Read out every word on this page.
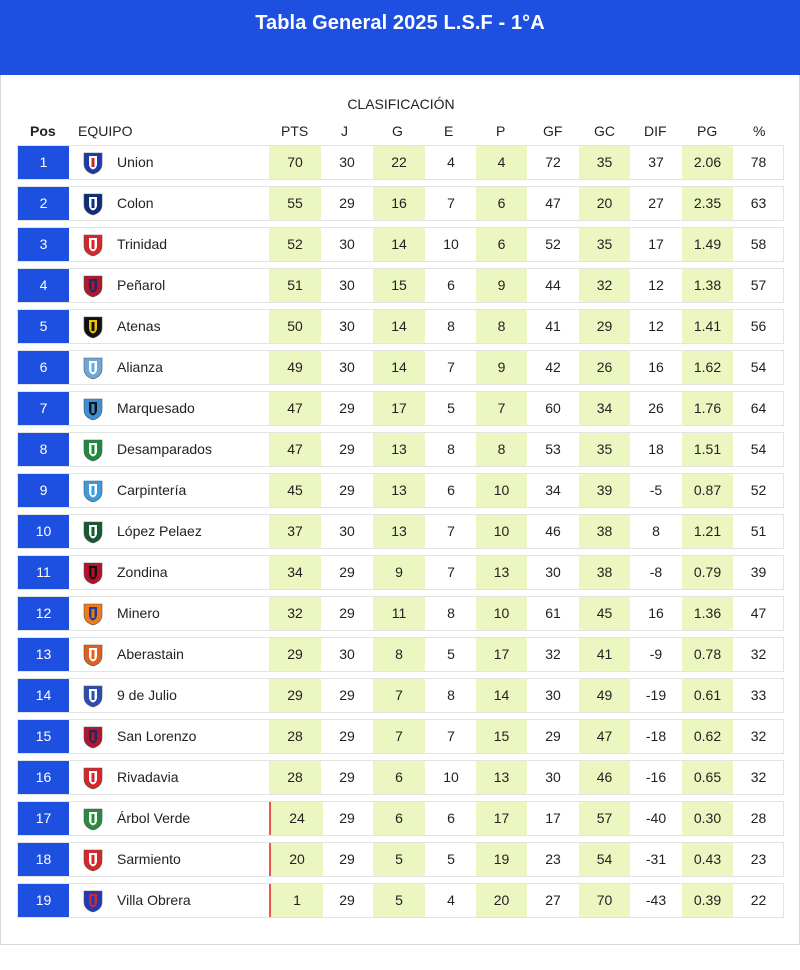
Tabla General 2025 L.S.F - 1°A
CLASIFICACIÓN
Pos EQUIPO	PTS J	G	E	P	GF GC DIF PG	%
1	Union	70	30	22	4	4	72	35	37	2.06	78
2	Colon	55	29	16	7	6	47	20	27	2.35	63
3	Trinidad	52	30	14	10	6	52	35	17	1.49	58
4	Peñarol	51	30	15	6	9	44	32	12	1.38	57
5	Atenas	50	30	14	8	8	41	29	12	1.41	56
6	Alianza	49	30	14	7	9	42	26	16	1.62	54
7	Marquesado	47	29	17	5	7	60	34	26	1.76	64
8	Desamparados	47	29	13	8	8	53	35	18	1.51	54
9	Carpintería	45	29	13	6	10	34	39	-5	0.87	52
10	López Pelaez	37	30	13	7	10	46	38	8	1.21	51
11	Zondina	34	29	9	7	13	30	38	-8	0.79	39
12	Minero	32	29	11	8	10	61	45	16	1.36	47
13	Aberastain	29	30	8	5	17	32	41	-9	0.78	32
14	9 de Julio	29	29	7	8	14	30	49	-19	0.61	33
15	San Lorenzo	28	29	7	7	15	29	47	-18	0.62	32
16	Rivadavia	28	29	6	10	13	30	46	-16	0.65	32
17	Árbol Verde	24	29	6	6	17	17	57	-40	0.30	28
18	Sarmiento	20	29	5	5	19	23	54	-31	0.43	23
19	Villa Obrera	1	29	5	4	20	27	70	-43	0.39	22
